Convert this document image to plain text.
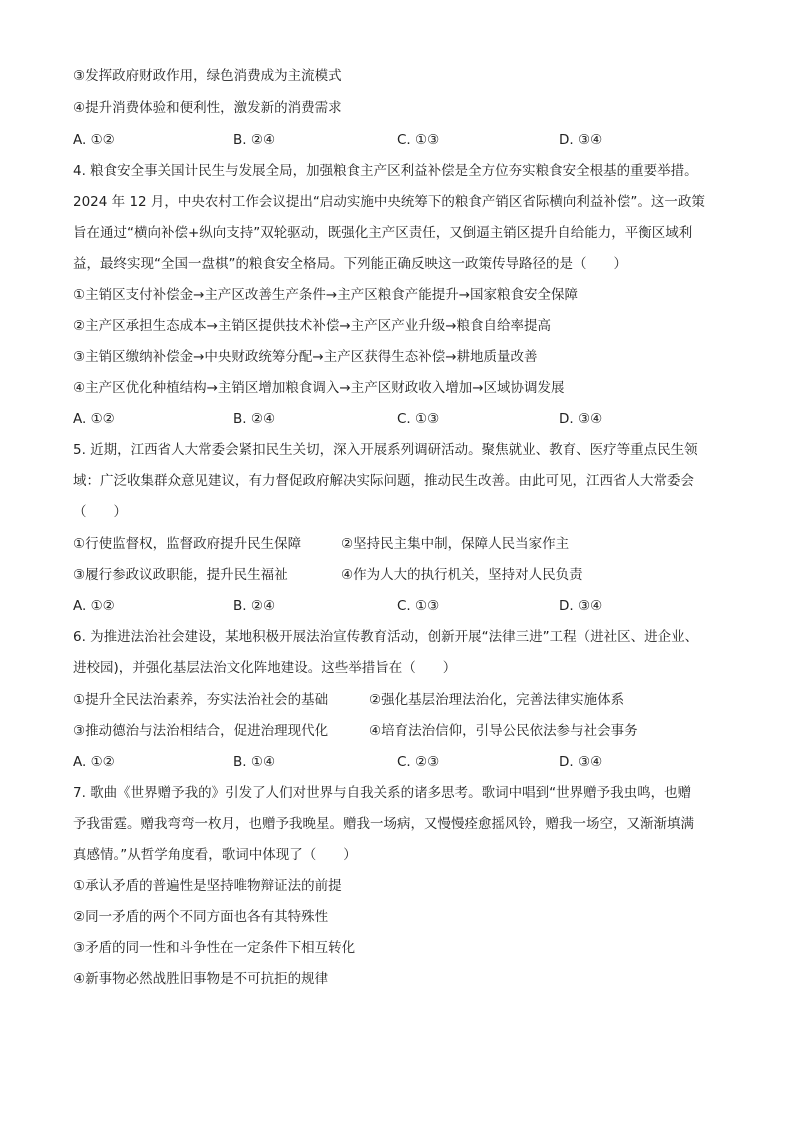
③发挥政府财政作用，绿色消费成为主流模式
④提升消费体验和便利性，激发新的消费需求
A. ①②	B. ②④	C. ①③	D. ③④
4. 粮食安全事关国计民生与发展全局，加强粮食主产区利益补偿是全方位夯实粮食安全根基的重要举措。
2024 年 12 月，中央农村工作会议提出“启动实施中央统筹下的粮食产销区省际横向利益补偿”。这一政策
旨在通过“横向补偿+纵向支持”双轮驱动，既强化主产区责任，又倒逼主销区提升自给能力，平衡区域利
益，最终实现“全国一盘棋”的粮食安全格局。下列能正确反映这一政策传导路径的是（　　）
①主销区支付补偿金→主产区改善生产条件→主产区粮食产能提升→国家粮食安全保障
②主产区承担生态成本→主销区提供技术补偿→主产区产业升级→粮食自给率提高
③主销区缴纳补偿金→中央财政统筹分配→主产区获得生态补偿→耕地质量改善
④主产区优化种植结构→主销区增加粮食调入→主产区财政收入增加→区域协调发展
A. ①②	B. ②④	C. ①③	D. ③④
5. 近期，江西省人大常委会紧扣民生关切，深入开展系列调研活动。聚焦就业、教育、医疗等重点民生领
域：广泛收集群众意见建议，有力督促政府解决实际问题，推动民生改善。由此可见，江西省人大常委会
（　　）
①行使监督权，监督政府提升民生保障	②坚持民主集中制，保障人民当家作主
③履行参政议政职能，提升民生福祉	④作为人大的执行机关，坚持对人民负责
A. ①②	B. ②④	C. ①③	D. ③④
6. 为推进法治社会建设，某地积极开展法治宣传教育活动，创新开展“法律三进”工程（进社区、进企业、
进校园)，并强化基层法治文化阵地建设。这些举措旨在（　　）
①提升全民法治素养，夯实法治社会的基础	②强化基层治理法治化，完善法律实施体系
③推动德治与法治相结合，促进治理现代化	④培育法治信仰，引导公民依法参与社会事务
A. ①②	B. ①④	C. ②③	D. ③④
7. 歌曲《世界赠予我的》引发了人们对世界与自我关系的诸多思考。歌词中唱到“世界赠予我虫鸣，也赠
予我雷霆。赠我弯弯一枚月，也赠予我晚星。赠我一场病，又慢慢痊愈摇风铃，赠我一场空，又渐渐填满
真感情。”从哲学角度看，歌词中体现了（　　）
①承认矛盾的普遍性是坚持唯物辩证法的前提
②同一矛盾的两个不同方面也各有其特殊性
③矛盾的同一性和斗争性在一定条件下相互转化
④新事物必然战胜旧事物是不可抗拒的规律
